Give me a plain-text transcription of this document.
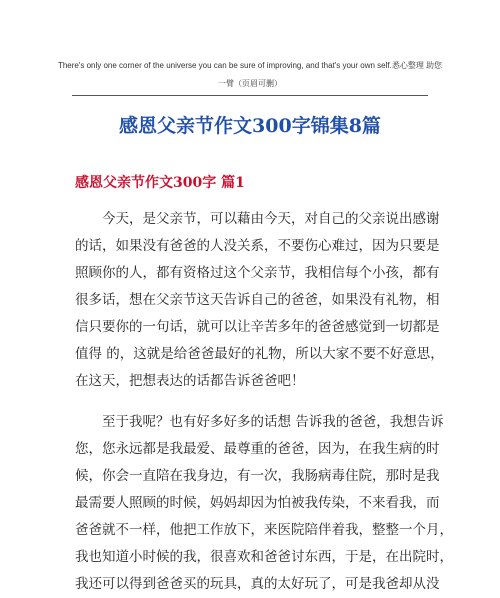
There's only one corner of the universe you can be sure of improving, and that's your own self.悉心整理 助您
一臂（页眉可删）
感恩父亲节作文300字锦集8篇
感恩父亲节作文300字 篇1
　　今天，是父亲节，可以藉由今天，对自己的父亲说出感谢
的话，如果没有爸爸的人没关系，不要伤心难过，因为只要是
照顾你的人，都有资格过这个父亲节，我相信每个小孩，都有
很多话，想在父亲节这天告诉自己的爸爸，如果没有礼物，相
信只要你的一句话，就可以让辛苦多年的爸爸感觉到一切都是
值得 的，这就是给爸爸最好的礼物，所以大家不要不好意思，
在这天，把想表达的话都告诉爸爸吧！
　　至于我呢？也有好多好多的话想 告诉我的爸爸，我想告诉
您，您永远都是我最爱、最尊重的爸爸，因为，在我生病的时
候，你会一直陪在我身边，有一次，我肠病毒住院，那时是我
最需要人照顾的时候，妈妈却因为怕被我传染，不来看我，而
爸爸就不一样，他把工作放下，来医院陪伴着我，整整一个月，
我也知道小时候的我，很喜欢和爸爸讨东西，于是，在出院时，
我还可以得到爸爸买的玩具，真的太好玩了，可是我爸却从没
